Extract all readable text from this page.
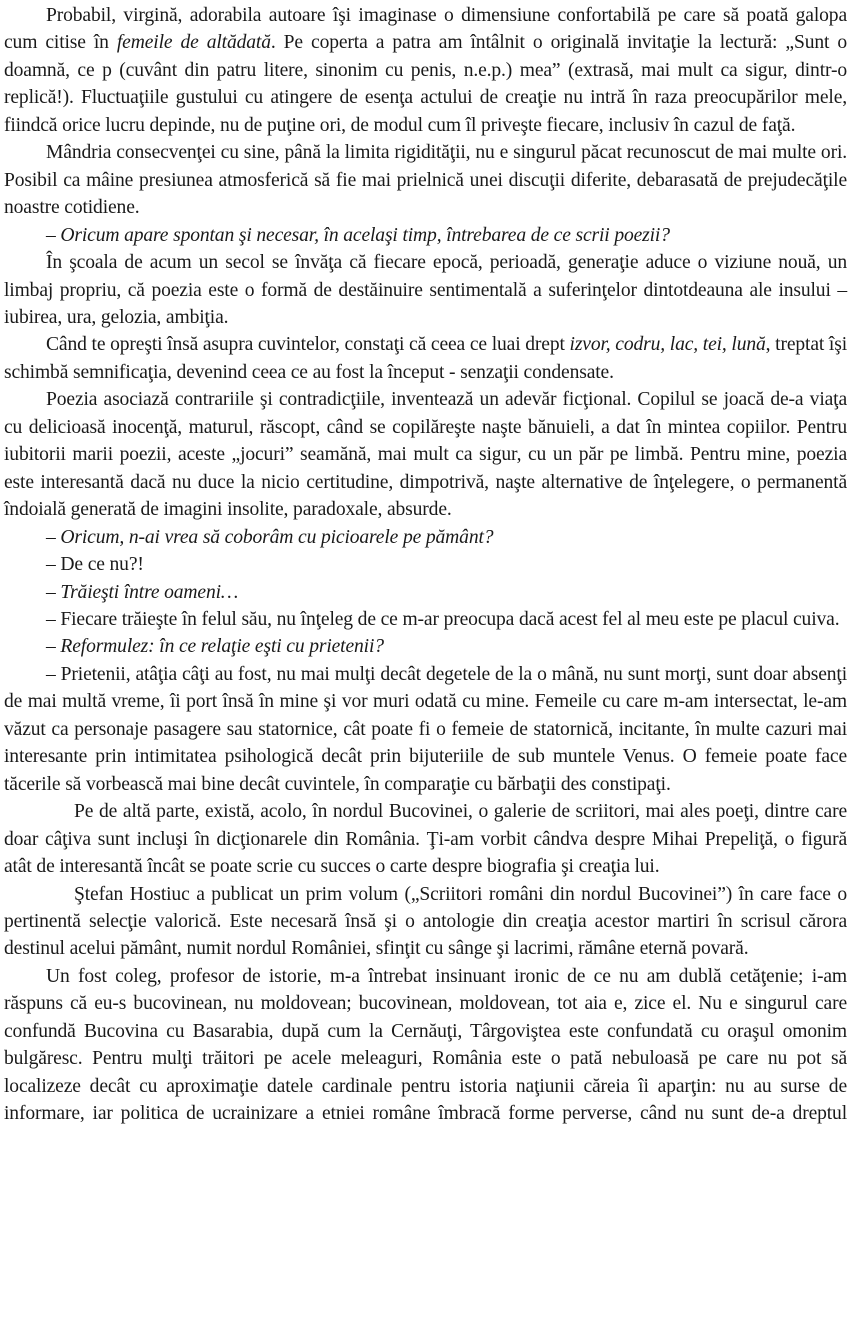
Probabil, virgină, adorabila autoare îşi imaginase o dimensiune confortabilă pe care să poată galopa cum citise în femeile de altădată. Pe coperta a patra am întâlnit o originală invitaţie la lectură: „Sunt o doamnă, ce p (cuvânt din patru litere, sinonim cu penis, n.e.p.) mea” (extrasă, mai mult ca sigur, dintr-o replică!). Fluctuaţiile gustului cu atingere de esenţa actului de creaţie nu intră în raza preocupărilor mele, fiindcă orice lucru depinde, nu de puţine ori, de modul cum îl priveşte fiecare, inclusiv în cazul de faţă.

Mândria consecvenţei cu sine, până la limita rigidităţii, nu e singurul păcat recunoscut de mai multe ori. Posibil ca mâine presiunea atmosferică să fie mai prielnică unei discuţii diferite, debarasată de prejudecăţile noastre cotidiene.

– Oricum apare spontan şi necesar, în acelaşi timp, întrebarea de ce scrii poezii?

În şcoala de acum un secol se învăţa că fiecare epocă, perioadă, generaţie aduce o viziune nouă, un limbaj propriu, că poezia este o formă de destăinuire sentimentală a suferinţelor dintotdeauna ale insului – iubirea, ura, gelozia, ambiţia.

Când te opreşti însă asupra cuvintelor, constaţi că ceea ce luai drept izvor, codru, lac, tei, lună, treptat îşi schimbă semnificaţia, devenind ceea ce au fost la început - senzaţii condensate.

Poezia asociază contrariile şi contradicţiile, inventează un adevăr ficţional. Copilul se joacă de-a viaţa cu delicioasă inocenţă, maturul, răscopt, când se copilăreşte naşte bănuieli, a dat în mintea copiilor. Pentru iubitorii marii poezii, aceste „jocuri” seamănă, mai mult ca sigur, cu un păr pe limbă. Pentru mine, poezia este interesantă dacă nu duce la nicio certitudine, dimpotrivă, naşte alternative de înţelegere, o permanentă îndoială generată de imagini insolite, paradoxale, absurde.

– Oricum, n-ai vrea să coborâm cu picioarele pe pământ?

– De ce nu?!

– Trăieşti între oameni…

– Fiecare trăieşte în felul său, nu înţeleg de ce m-ar preocupa dacă acest fel al meu este pe placul cuiva.

– Reformulez: în ce relaţie eşti cu prietenii?

– Prietenii, atâţia câţi au fost, nu mai mulţi decât degetele de la o mână, nu sunt morţi, sunt doar absenţi de mai multă vreme, îi port însă în mine şi vor muri odată cu mine. Femeile cu care m-am intersectat, le-am văzut ca personaje pasagere sau statornice, cât poate fi o femeie de statornică, incitante, în multe cazuri mai interesante prin intimitatea psihologică decât prin bijuteriile de sub muntele Venus. O femeie poate face tăcerile să vorbească mai bine decât cuvintele, în comparaţie cu bărbaţii des constipaţi.

Pe de altă parte, există, acolo, în nordul Bucovinei, o galerie de scriitori, mai ales poeţi, dintre care doar câţiva sunt incluşi în dicţionarele din România. Ţi-am vorbit cândva despre Mihai Prepeliţă, o figură atât de interesantă încât se poate scrie cu succes o carte despre biografia şi creaţia lui.

Ştefan Hostiuc a publicat un prim volum („Scriitori români din nordul Bucovinei”) în care face o pertinentă selecţie valorică. Este necesară însă şi o antologie din creaţia acestor martiri în scrisul cărora destinul acelui pământ, numit nordul României, sfinţit cu sânge şi lacrimi, rămâne eternă povară.

Un fost coleg, profesor de istorie, m-a întrebat insinuant ironic de ce nu am dublă cetăţenie; i-am răspuns că eu-s bucovinean, nu moldovean; bucovinean, moldovean, tot aia e, zice el. Nu e singurul care confundă Bucovina cu Basarabia, după cum la Cernăuţi, Târgoviştea este confundată cu oraşul omonim bulgăresc. Pentru mulţi trăitori pe acele meleaguri, România este o pată nebuloasă pe care nu pot să localizeze decât cu aproximaţie datele cardinale pentru istoria naţiunii căreia îi aparţin: nu au surse de informare, iar politica de ucrainizare a etniei române îmbracă forme perverse, când nu sunt de-a dreptul
